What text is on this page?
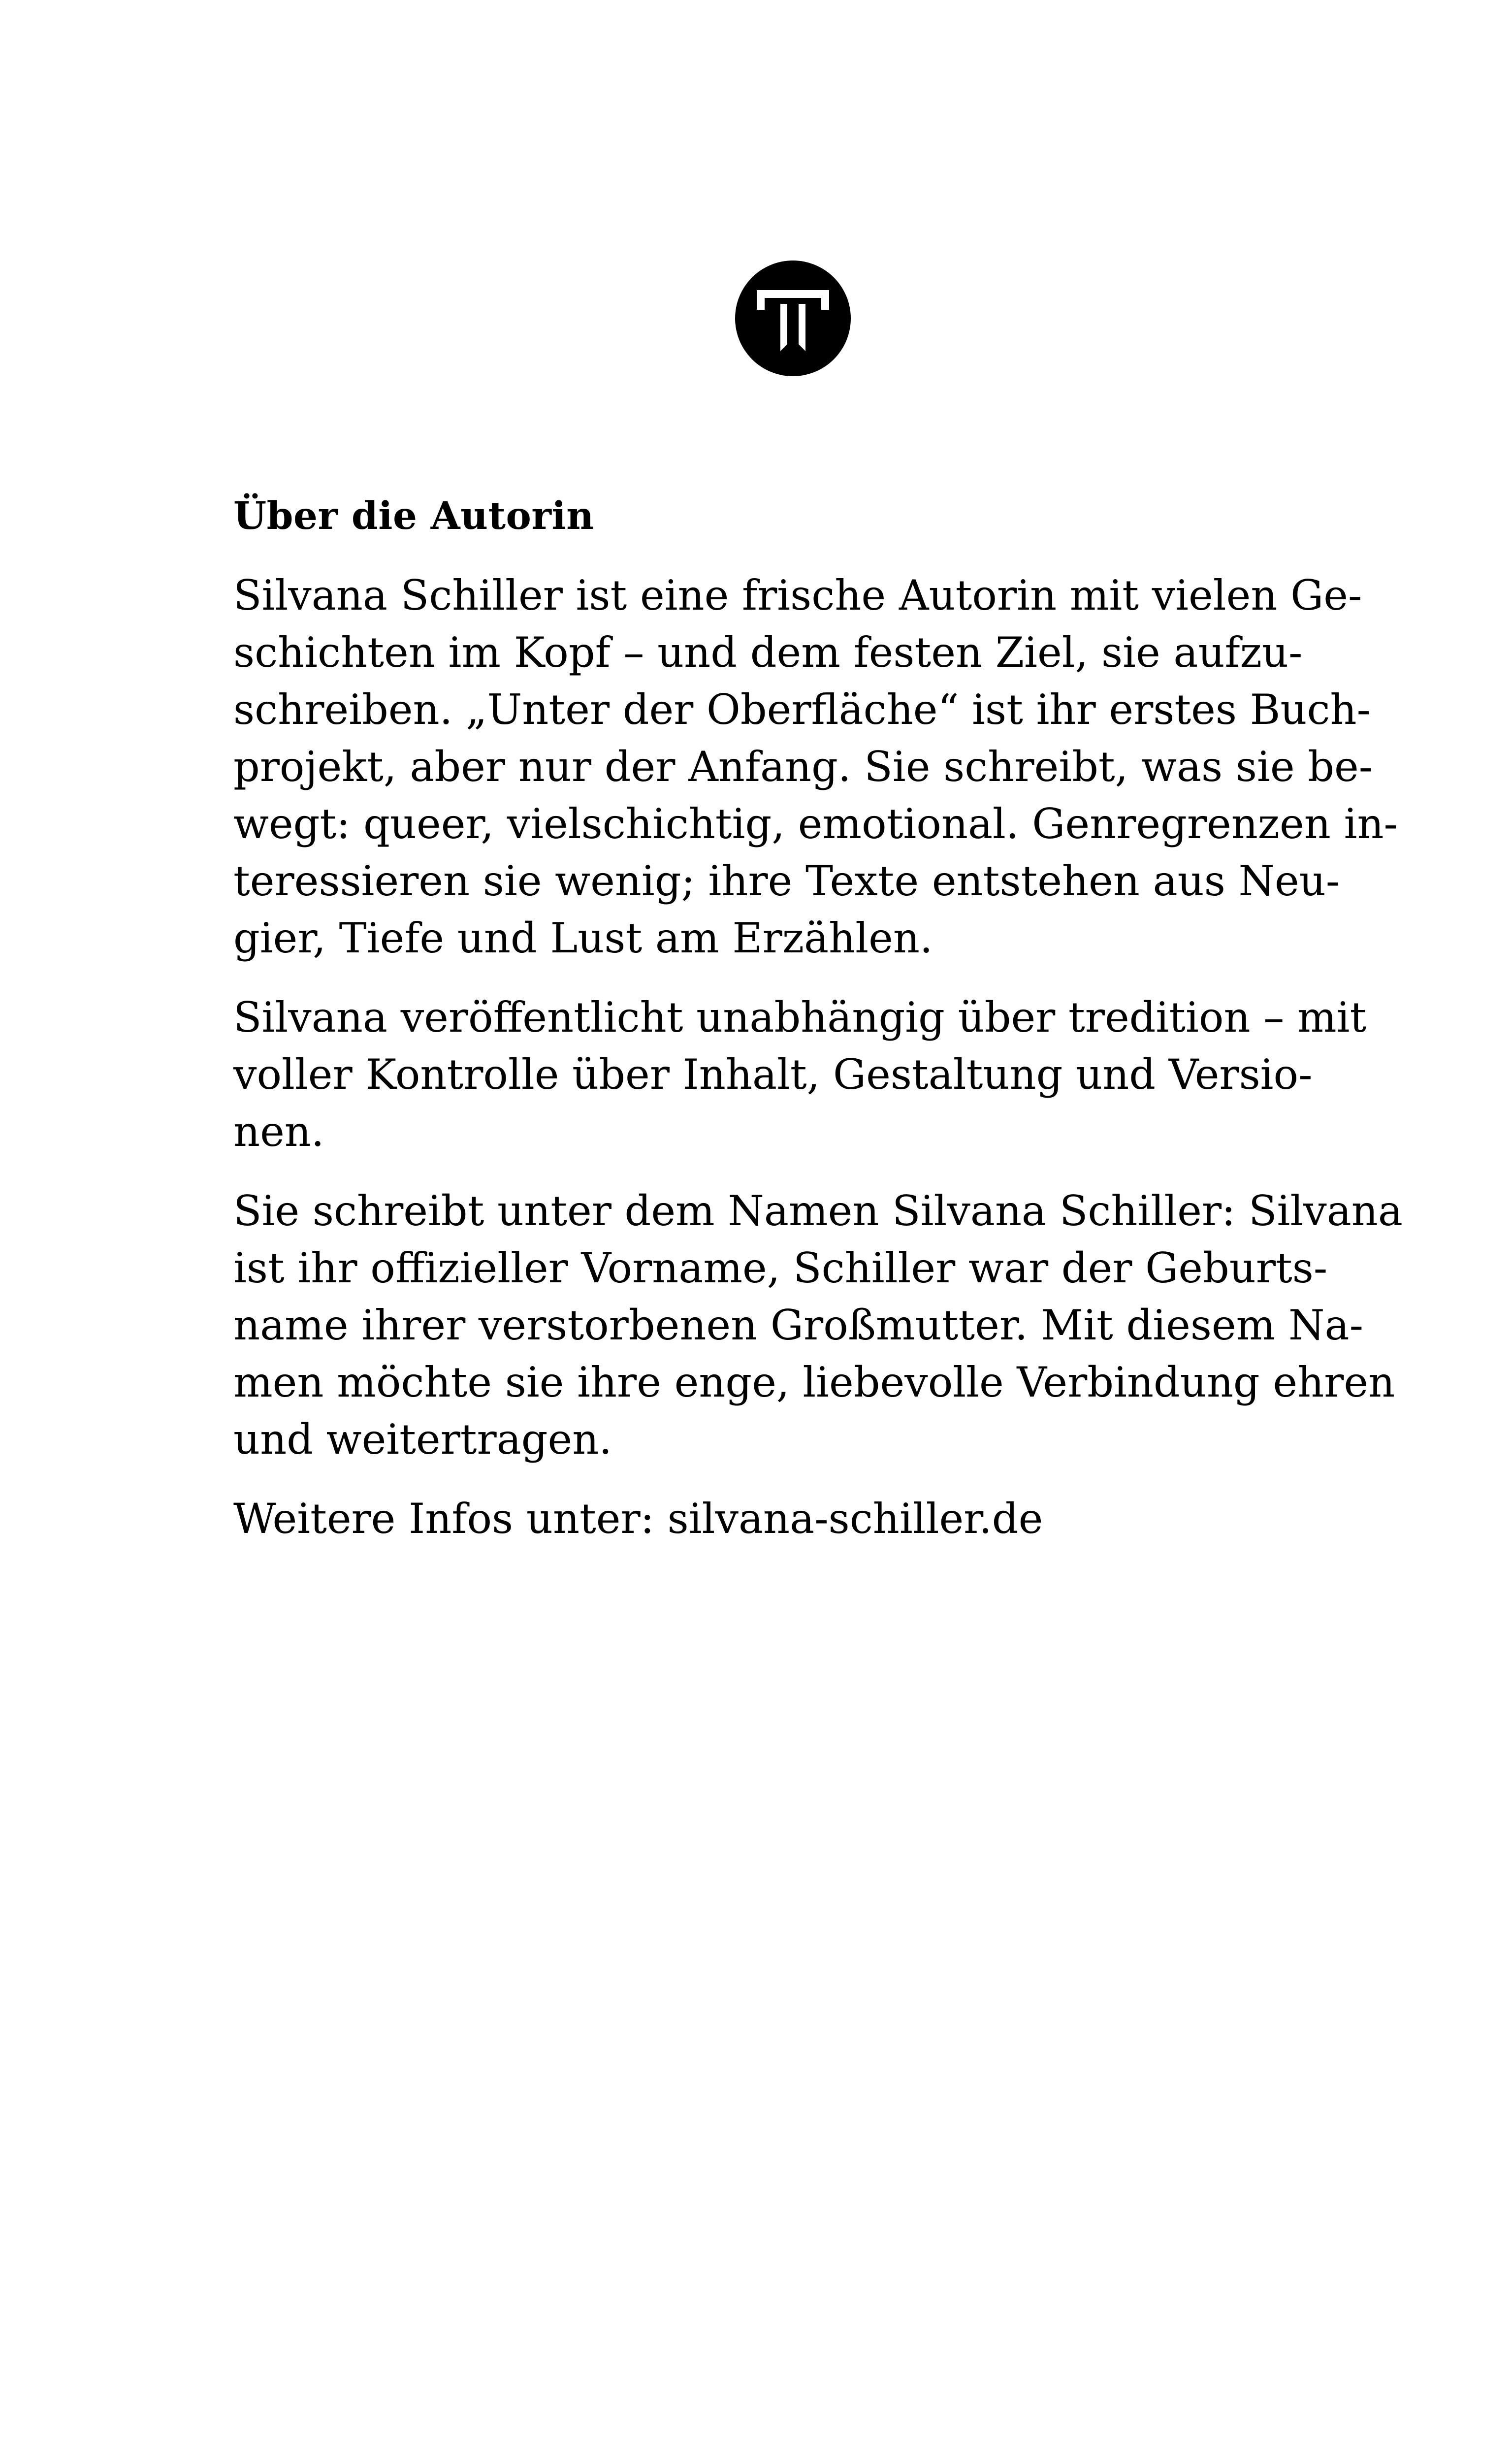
Über die Autorin
Silvana Schiller ist eine frische Autorin mit vielen Ge-
schichten im Kopf – und dem festen Ziel, sie aufzu-
schreiben. „Unter der Oberfläche“ ist ihr erstes Buch-
projekt, aber nur der Anfang. Sie schreibt, was sie be-
wegt: queer, vielschichtig, emotional. Genregrenzen in-
teressieren sie wenig; ihre Texte entstehen aus Neu-
gier, Tiefe und Lust am Erzählen.
Silvana veröffentlicht unabhängig über tredition – mit
voller Kontrolle über Inhalt, Gestaltung und Versio-
nen.
Sie schreibt unter dem Namen Silvana Schiller: Silvana
ist ihr offizieller Vorname, Schiller war der Geburts-
name ihrer verstorbenen Großmutter. Mit diesem Na-
men möchte sie ihre enge, liebevolle Verbindung ehren
und weitertragen.
Weitere Infos unter: silvana-schiller.de
